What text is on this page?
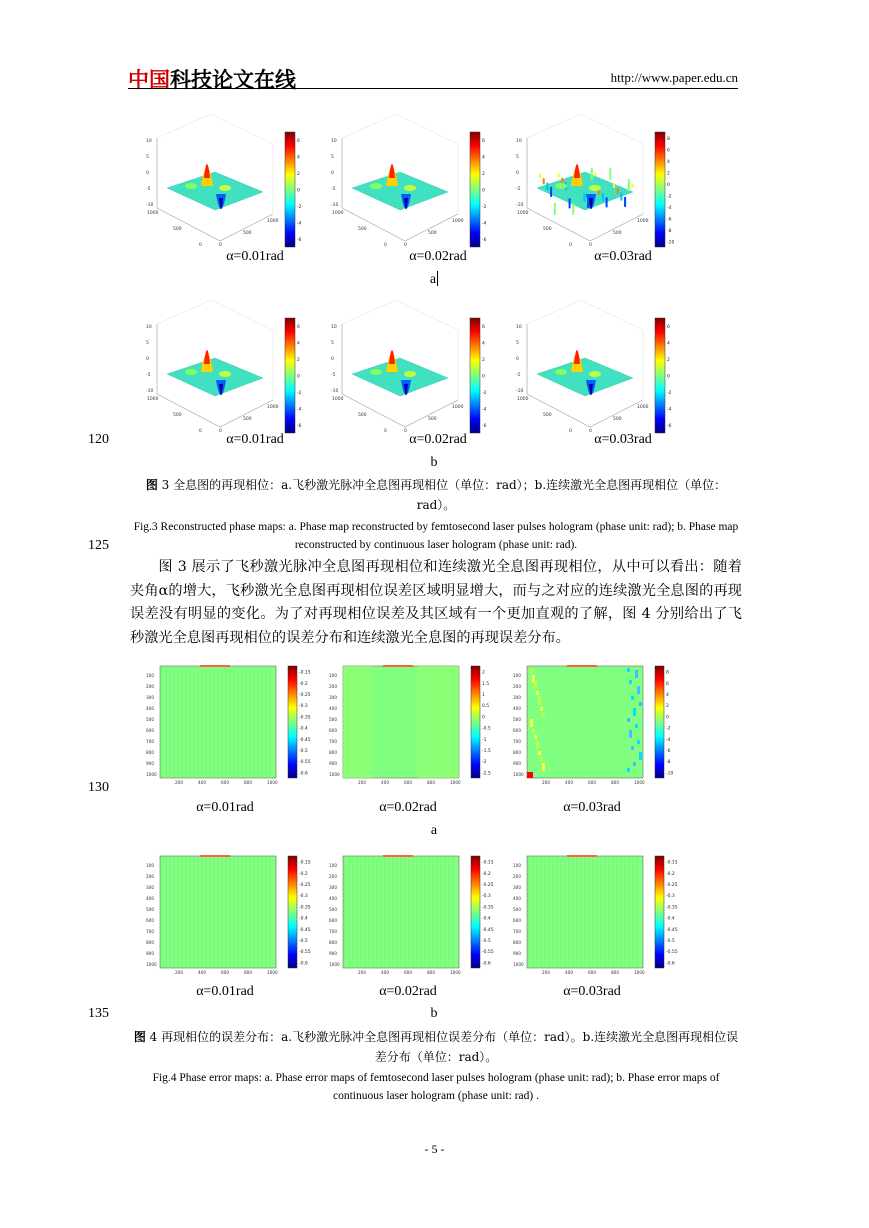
中国科技论文在线	http://www.paper.edu.cn
10
5
0
-5
-10
1000
500
0
1000
500
0
6
4
2
0
-2
-4
-6
10
5
0
-5
-10
1000
500
0
1000
500
0
6
4
2
0
-2
-4
-6
10
5
0
-5
-10
1000
500
0
1000
500
0
8
6
4
2
0
-2
-4
-6
-8
-10
10
5
0
-5
-10
1000
500
0
1000
500
0
6
4
2
0
-2
-4
-6
10
5
0
-5
-10
1000
500
0
1000
500
0
6
4
2
0
-2
-4
-6
10
5
0
-5
-10
1000
500
0
1000
500
0
6
4
2
0
-2
-4
-6
α=0.01rad	α=0.02rad	α=0.03rad
a
120	α=0.01rad	α=0.02rad	α=0.03rad
b
图 3 全息图的再现相位：a.飞秒激光脉冲全息图再现相位（单位：rad）；b.连续激光全息图再现相位（单位：rad）。
Fig.3 Reconstructed phase maps: a. Phase map reconstructed by femtosecond laser pulses hologram (phase unit: rad); b. Phase map reconstructed by continuous laser hologram (phase unit: rad).
125

图 3 展示了飞秒激光脉冲全息图再现相位和连续激光全息图再现相位，从中可以看出：随着夹角α的增大，飞秒激光全息图再现相位误差区域明显增大，而与之对应的连续激光全息图的再现误差没有明显的变化。为了对再现相位误差及其区域有一个更加直观的了解，图 4 分别给出了飞秒激光全息图再现相位的误差分布和连续激光全息图的再现误差分布。

100
200
300
400
500
600
700
800
900
1000
200	400	600	800	1000
-0.15
-0.2
-0.25
-0.3
-0.35
-0.4
-0.45
-0.5
-0.55
-0.6
100
200
300
400
500
600
700
800
900
1000
200	400	600	800	1000
2
1.5
1
0.5
0
-0.5
-1
-1.5
-2
-2.5
100
200
300
400
500
600
700
800
900
1000
200	400	600	800	1000
8
6
4
2
0
-2
-4
-6
-8
-10
100
200
300
400
500
600
700
800
900
1000
200	400	600	800	1000
-0.15
-0.2
-0.25
-0.3
-0.35
-0.4
-0.45
-0.5
-0.55
-0.6
100
200
300
400
500
600
700
800
900
1000
200	400	600	800	1000
-0.15
-0.2
-0.25
-0.3
-0.35
-0.4
-0.45
-0.5
-0.55
-0.6
100
200
300
400
500
600
700
800
900
1000
200	400	600	800	1000
-0.15
-0.2
-0.25
-0.3
-0.35
-0.4
-0.45
-0.5
-0.55
-0.6
130
α=0.01rad	α=0.02rad	α=0.03rad
a
α=0.01rad	α=0.02rad	α=0.03rad
135	b
图 4 再现相位的误差分布：a.飞秒激光脉冲全息图再现相位误差分布（单位：rad）。b.连续激光全息图再现相位误差分布（单位：rad）。
Fig.4 Phase error maps: a. Phase error maps of femtosecond laser pulses hologram (phase unit: rad); b. Phase error maps of continuous laser hologram (phase unit: rad) .
- 5 -
